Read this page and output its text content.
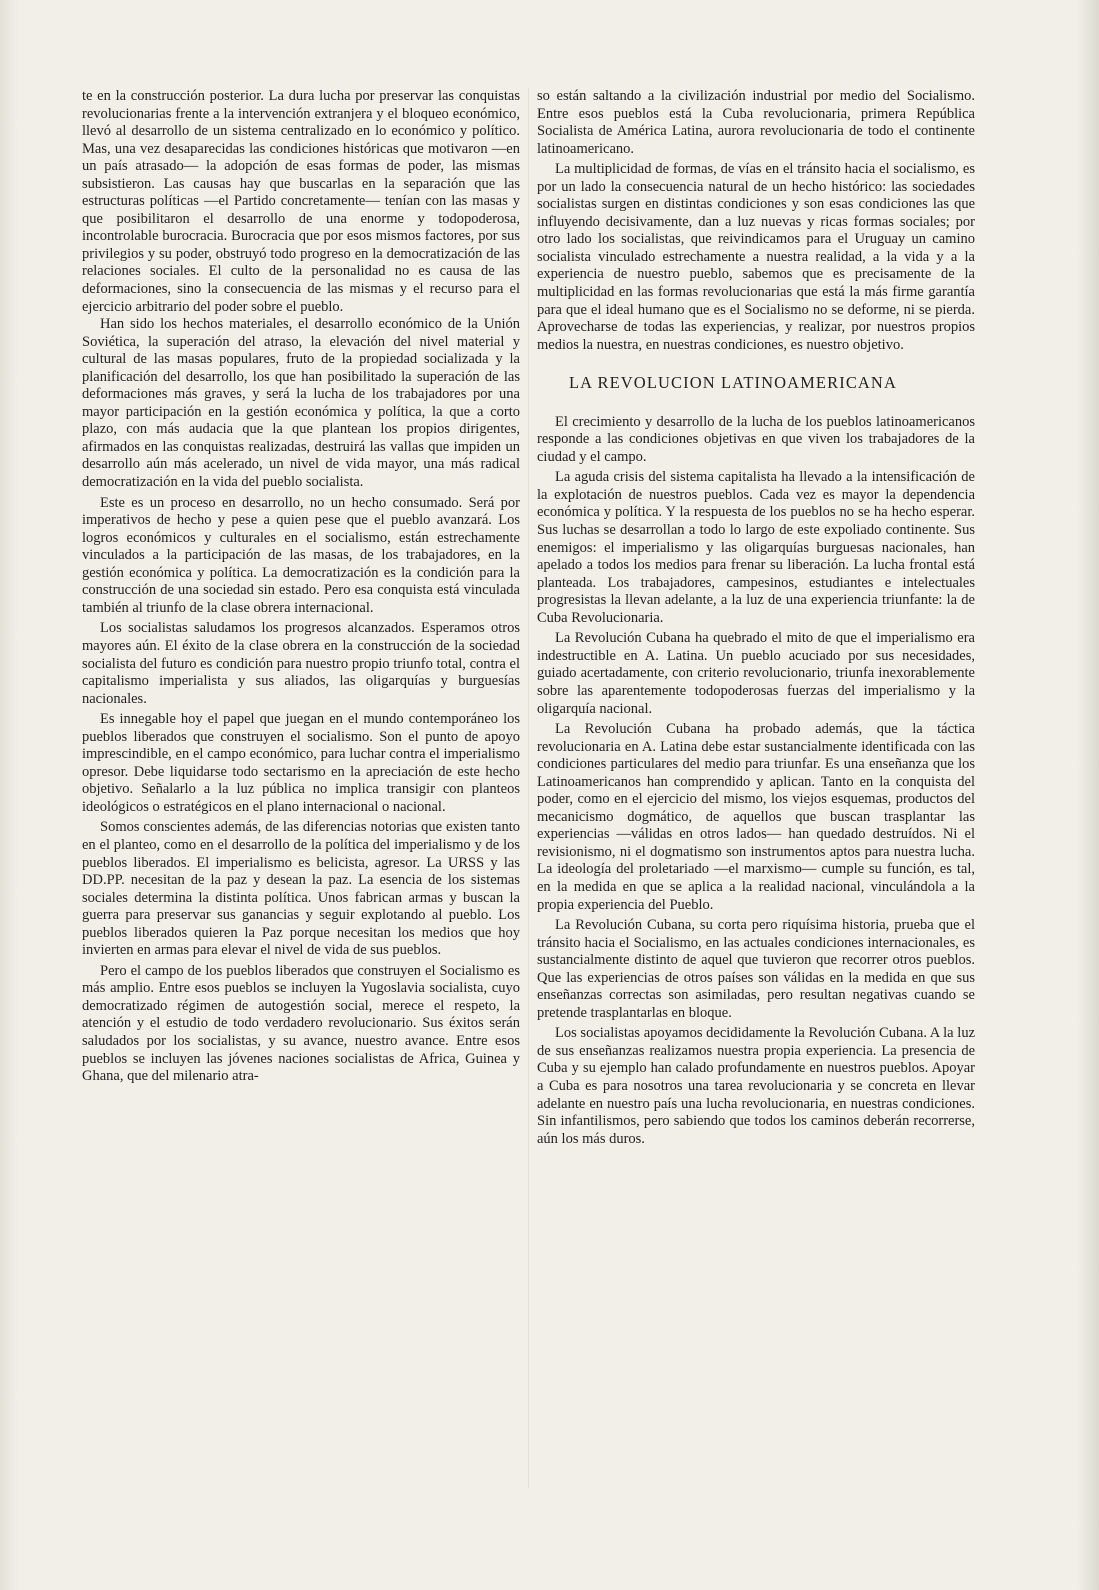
te en la construcción posterior. La dura lucha por preservar las conquistas revolucionarias frente a la intervención extranjera y el bloqueo económico, llevó al desarrollo de un sistema centralizado en lo económico y político. Mas, una vez desaparecidas las condiciones históricas que motivaron —en un país atrasado— la adopción de esas formas de poder, las mismas subsistieron. Las causas hay que buscarlas en la separación que las estructuras políticas —el Partido concretamente— tenían con las masas y que posibilitaron el desarrollo de una enorme y todopoderosa, incontrolable burocracia. Burocracia que por esos mismos factores, por sus privilegios y su poder, obstruyó todo progreso en la democratización de las relaciones sociales. El culto de la personalidad no es causa de las deformaciones, sino la consecuencia de las mismas y el recurso para el ejercicio arbitrario del poder sobre el pueblo.

Han sido los hechos materiales, el desarrollo económico de la Unión Soviética, la superación del atraso, la elevación del nivel material y cultural de las masas populares, fruto de la propiedad socializada y la planificación del desarrollo, los que han posibilitado la superación de las deformaciones más graves, y será la lucha de los trabajadores por una mayor participación en la gestión económica y política, la que a corto plazo, con más audacia que la que plantean los propios dirigentes, afirmados en las conquistas realizadas, destruirá las vallas que impiden un desarrollo aún más acelerado, un nivel de vida mayor, una más radical democratización en la vida del pueblo socialista.

Este es un proceso en desarrollo, no un hecho consumado. Será por imperativos de hecho y pese a quien pese que el pueblo avanzará. Los logros económicos y culturales en el socialismo, están estrechamente vinculados a la participación de las masas, de los trabajadores, en la gestión económica y política. La democratización es la condición para la construcción de una sociedad sin estado. Pero esa conquista está vinculada también al triunfo de la clase obrera internacional.

Los socialistas saludamos los progresos alcanzados. Esperamos otros mayores aún. El éxito de la clase obrera en la construcción de la sociedad socialista del futuro es condición para nuestro propio triunfo total, contra el capitalismo imperialista y sus aliados, las oligarquías y burguesías nacionales.

Es innegable hoy el papel que juegan en el mundo contemporáneo los pueblos liberados que construyen el socialismo. Son el punto de apoyo imprescindible, en el campo económico, para luchar contra el imperialismo opresor. Debe liquidarse todo sectarismo en la apreciación de este hecho objetivo. Señalarlo a la luz pública no implica transigir con planteos ideológicos o estratégicos en el plano internacional o nacional.

Somos conscientes además, de las diferencias notorias que existen tanto en el planteo, como en el desarrollo de la política del imperialismo y de los pueblos liberados. El imperialismo es belicista, agresor. La URSS y las DD.PP. necesitan de la paz y desean la paz. La esencia de los sistemas sociales determina la distinta política. Unos fabrican armas y buscan la guerra para preservar sus ganancias y seguir explotando al pueblo. Los pueblos liberados quieren la Paz porque necesitan los medios que hoy invierten en armas para elevar el nivel de vida de sus pueblos.

Pero el campo de los pueblos liberados que construyen el Socialismo es más amplio. Entre esos pueblos se incluyen la Yugoslavia socialista, cuyo democratizado régimen de autogestión social, merece el respeto, la atención y el estudio de todo verdadero revolucionario. Sus éxitos serán saludados por los socialistas, y su avance, nuestro avance. Entre esos pueblos se incluyen las jóvenes naciones socialistas de Africa, Guinea y Ghana, que del milenario atra-

so están saltando a la civilización industrial por medio del Socialismo. Entre esos pueblos está la Cuba revolucionaria, primera República Socialista de América Latina, aurora revolucionaria de todo el continente latinoamericano.

La multiplicidad de formas, de vías en el tránsito hacia el socialismo, es por un lado la consecuencia natural de un hecho histórico: las sociedades socialistas surgen en distintas condiciones y son esas condiciones las que influyendo decisivamente, dan a luz nuevas y ricas formas sociales; por otro lado los socialistas, que reivindicamos para el Uruguay un camino socialista vinculado estrechamente a nuestra realidad, a la vida y a la experiencia de nuestro pueblo, sabemos que es precisamente de la multiplicidad en las formas revolucionarias que está la más firme garantía para que el ideal humano que es el Socialismo no se deforme, ni se pierda. Aprovecharse de todas las experiencias, y realizar, por nuestros propios medios la nuestra, en nuestras condiciones, es nuestro objetivo.

LA REVOLUCION LATINOAMERICANA

El crecimiento y desarrollo de la lucha de los pueblos latinoamericanos responde a las condiciones objetivas en que viven los trabajadores de la ciudad y el campo.

La aguda crisis del sistema capitalista ha llevado a la intensificación de la explotación de nuestros pueblos. Cada vez es mayor la dependencia económica y política. Y la respuesta de los pueblos no se ha hecho esperar. Sus luchas se desarrollan a todo lo largo de este expoliado continente. Sus enemigos: el imperialismo y las oligarquías burguesas nacionales, han apelado a todos los medios para frenar su liberación. La lucha frontal está planteada. Los trabajadores, campesinos, estudiantes e intelectuales progresistas la llevan adelante, a la luz de una experiencia triunfante: la de Cuba Revolucionaria.

La Revolución Cubana ha quebrado el mito de que el imperialismo era indestructible en A. Latina. Un pueblo acuciado por sus necesidades, guiado acertadamente, con criterio revolucionario, triunfa inexorablemente sobre las aparentemente todopoderosas fuerzas del imperialismo y la oligarquía nacional.

La Revolución Cubana ha probado además, que la táctica revolucionaria en A. Latina debe estar sustancialmente identificada con las condiciones particulares del medio para triunfar. Es una enseñanza que los Latinoamericanos han comprendido y aplican. Tanto en la conquista del poder, como en el ejercicio del mismo, los viejos esquemas, productos del mecanicismo dogmático, de aquellos que buscan trasplantar las experiencias —válidas en otros lados— han quedado destruídos. Ni el revisionismo, ni el dogmatismo son instrumentos aptos para nuestra lucha. La ideología del proletariado —el marxismo— cumple su función, es tal, en la medida en que se aplica a la realidad nacional, vinculándola a la propia experiencia del Pueblo.

La Revolución Cubana, su corta pero riquísima historia, prueba que el tránsito hacia el Socialismo, en las actuales condiciones internacionales, es sustancialmente distinto de aquel que tuvieron que recorrer otros pueblos. Que las experiencias de otros países son válidas en la medida en que sus enseñanzas correctas son asimiladas, pero resultan negativas cuando se pretende trasplantarlas en bloque.

Los socialistas apoyamos decididamente la Revolución Cubana. A la luz de sus enseñanzas realizamos nuestra propia experiencia. La presencia de Cuba y su ejemplo han calado profundamente en nuestros pueblos. Apoyar a Cuba es para nosotros una tarea revolucionaria y se concreta en llevar adelante en nuestro país una lucha revolucionaria, en nuestras condiciones. Sin infantilismos, pero sabiendo que todos los caminos deberán recorrerse, aún los más duros.
